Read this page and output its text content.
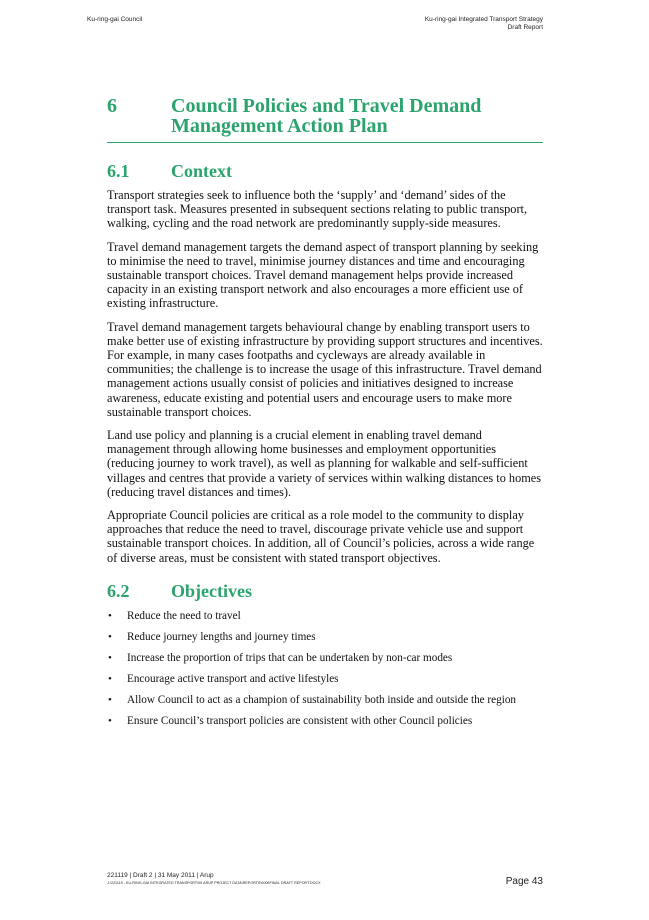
Ku-ring-gai Council	Ku-ring-gai Integrated Transport Strategy
Draft Report
6	Council Policies and Travel Demand
Management Action Plan
6.1	Context

Transport strategies seek to influence both the ‘supply’ and ‘demand’ sides of the transport task. Measures presented in subsequent sections relating to public transport, walking, cycling and the road network are predominantly supply-side measures.

Travel demand management targets the demand aspect of transport planning by seeking to minimise the need to travel, minimise journey distances and time and encouraging sustainable transport choices. Travel demand management helps provide increased capacity in an existing transport network and also encourages a more efficient use of existing infrastructure.

Travel demand management targets behavioural change by enabling transport users to make better use of existing infrastructure by providing support structures and incentives. For example, in many cases footpaths and cycleways are already available in communities; the challenge is to increase the usage of this infrastructure. Travel demand management actions usually consist of policies and initiatives designed to increase awareness, educate existing and potential users and encourage users to make more sustainable transport choices.

Land use policy and planning is a crucial element in enabling travel demand management through allowing home businesses and employment opportunities (reducing journey to work travel), as well as planning for walkable and self-sufficient villages and centres that provide a variety of services within walking distances to homes (reducing travel distances and times).

Appropriate Council policies are critical as a role model to the community to display approaches that reduce the need to travel, discourage private vehicle use and support sustainable transport choices. In addition, all of Council’s policies, across a wide range of diverse areas, must be consistent with stated transport objectives.

6.2	Objectives
• Reduce the need to travel
• Reduce journey lengths and journey times
• Increase the proportion of trips that can be undertaken by non-car modes
• Encourage active transport and active lifestyles
• Allow Council to act as a champion of sustainability both inside and outside the region
• Ensure Council’s transport policies are consistent with other Council policies
221119 | Draft 2 | 31 May 2011 | Arup
J:\221119 - KU-RING-GAI INTEGRATED TRANSPORT\05 ARUP PROJECT DATA\REPORTS\0006FINAL DRAFT REPORT.DOCX	Page 43
